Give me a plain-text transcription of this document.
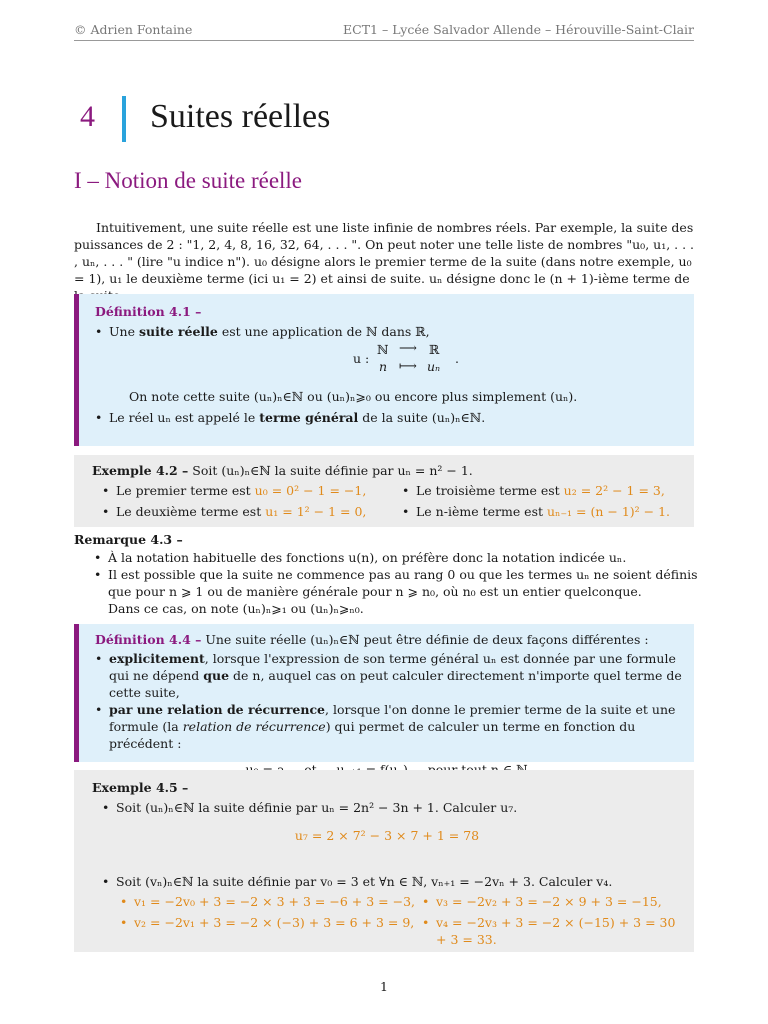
© Adrien Fontaine	ECT1 – Lycée Salvador Allende – Hérouville-Saint-Clair
4 Suites réelles
I – Notion de suite réelle
Intuitivement, une suite réelle est une liste infinie de nombres réels. Par exemple, la suite des puissances de 2 : "1, 2, 4, 8, 16, 32, 64, . . . ". On peut noter une telle liste de nombres "u₀, u₁, . . . , uₙ, . . . " (lire "u indice n"). u₀ désigne alors le premier terme de la suite (dans notre exemple, u₀ = 1), u₁ le deuxième terme (ici u₁ = 2) et ainsi de suite. uₙ désigne donc le (n + 1)-ième terme de
Définition 4.1 –
• Une suite réelle est une application de ℕ dans ℝ,
u :
ℕ ⟶ ℝ
n ⟼ uₙ
.
On note cette suite (uₙ)ₙ∈ℕ ou (uₙ)ₙ⩾₀ ou encore plus simplement (uₙ).
• Le réel uₙ est appelé le terme général de la suite (uₙ)ₙ∈ℕ.
Exemple 4.2 – Soit (uₙ)ₙ∈ℕ la suite définie par uₙ = n² − 1.
• Le premier terme est u₀ = 0² − 1 = −1,
• Le deuxième terme est u₁ = 1² − 1 = 0,
• Le troisième terme est u₂ = 2² − 1 = 3,
• Le n-ième terme est uₙ₋₁ = (n − 1)² − 1.
Remarque 4.3 –
• À la notation habituelle des fonctions u(n), on préfère donc la notation indicée uₙ.
• Il est possible que la suite ne commence pas au rang 0 ou que les termes uₙ ne soient définis que pour n ⩾ 1 ou de manière générale pour n ⩾ n₀, où n₀ est un entier quelconque.
Dans ce cas, on note (uₙ)ₙ⩾₁ ou (uₙ)ₙ⩾ₙ₀.
Définition 4.4 – Une suite réelle (uₙ)ₙ∈ℕ peut être définie de deux façons différentes :
• explicitement, lorsque l'expression de son terme général uₙ est donnée par une formule qui ne dépend que de n, auquel cas on peut calculer directement n'importe quel terme de cette suite,
• par une relation de récurrence, lorsque l'on donne le premier terme de la suite et une formule (la relation de récurrence) qui permet de calculer un terme en fonction du précédent :
Exemple 4.5 –
• Soit (uₙ)ₙ∈ℕ la suite définie par uₙ = 2n² − 3n + 1. Calculer u₇.
u₇ = 2 × 7² − 3 × 7 + 1 = 78
• Soit (vₙ)ₙ∈ℕ la suite définie par v₀ = 3 et ∀n ∈ ℕ, vₙ₊₁ = −2vₙ + 3. Calculer v₄.
• v₁ = −2v₀ + 3 = −2 × 3 + 3 = −6 + 3 = −3,
• v₂ = −2v₁ + 3 = −2 × (−3) + 3 = 6 + 3 = 9,
• v₃ = −2v₂ + 3 = −2 × 9 + 3 = −15,
• v₄ = −2v₃ + 3 = −2 × (−15) + 3 = 30 + 3 = 33.
1
